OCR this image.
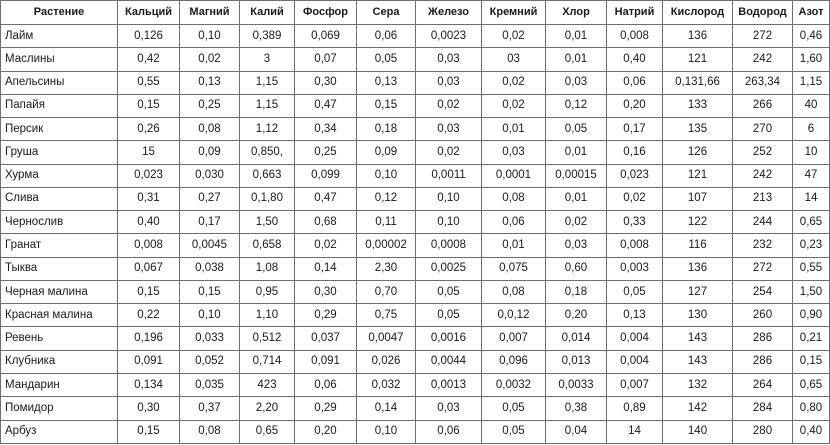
Растение	Кальций	Магний	Калий	Фосфор	Сера	Железо	Кремний	Хлор	Натрий	Кислород	Водород	Азот
Лайм	0,126	0,10	0,389	0,069	0,06	0,0023	0,02	0,01	0,008	136	272	0,46
Маслины	0,42	0,02	3	0,07	0,05	0,03	03	0,01	0,40	121	242	1,60
Апельсины	0,55	0,13	1,15	0,30	0,13	0,03	0,02	0,03	0,06	0,131,66	263,34	1,15
Папайя	0,15	0,25	1,15	0,47	0,15	0,02	0,02	0,12	0,20	133	266	40
Персик	0,26	0,08	1,12	0,34	0,18	0,03	0,01	0,05	0,17	135	270	6
Груша	15	0,09	0,850,	0,25	0,09	0,02	0,03	0,01	0,16	126	252	10
Хурма	0,023	0,030	0,663	0,099	0,10	0,0011	0,0001	0,00015	0,023	121	242	47
Слива	0,31	0,27	0,1,80	0,47	0,12	0,10	0,08	0,01	0,02	107	213	14
Чернослив	0,40	0,17	1,50	0,68	0,11	0,10	0,06	0,02	0,33	122	244	0,65
Гранат	0,008	0,0045	0,658	0,02	0,00002	0,0008	0,01	0,03	0,008	116	232	0,23
Тыква	0,067	0,038	1,08	0,14	2,30	0,0025	0,075	0,60	0,003	136	272	0,55
Черная малина	0,15	0,15	0,95	0,30	0,70	0,05	0,08	0,18	0,05	127	254	1,50
Красная малина	0,22	0,10	1,10	0,29	0,75	0,05	0,0,12	0,20	0,13	130	260	0,90
Ревень	0,196	0,033	0,512	0,037	0,0047	0,0016	0,007	0,014	0,004	143	286	0,21
Клубника	0,091	0,052	0,714	0,091	0,026	0,0044	0,096	0,013	0,004	143	286	0,15
Мандарин	0,134	0,035	423	0,06	0,032	0,0013	0,0032	0,0033	0,007	132	264	0,65
Помидор	0,30	0,37	2,20	0,29	0,14	0,03	0,05	0,38	0,89	142	284	0,80
Арбуз	0,15	0,08	0,65	0,20	0,10	0,06	0,05	0,04	14	140	280	0,40
